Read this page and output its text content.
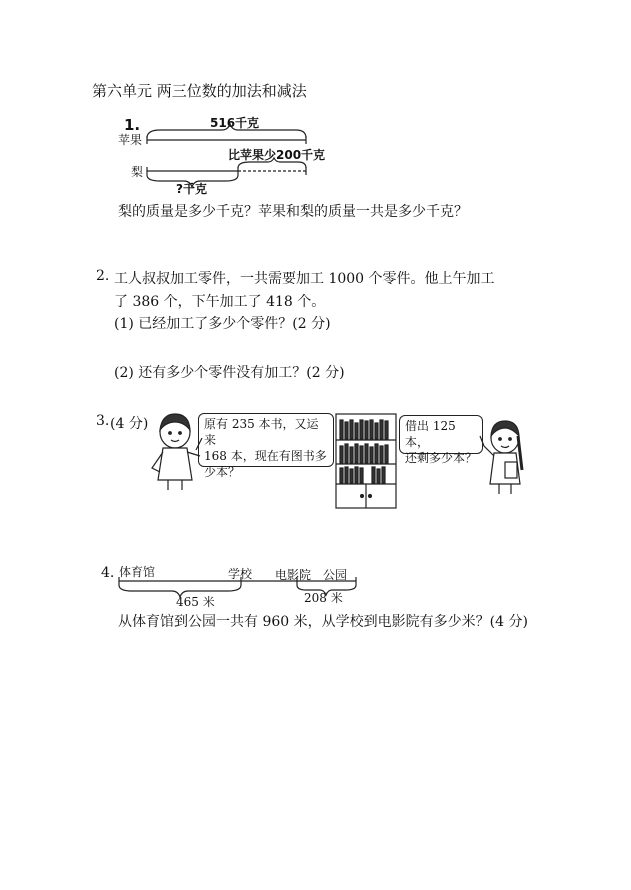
第六单元 两三位数的加法和减法
1.	516千克
苹果
比苹果少200千克
梨
?千克
梨的质量是多少千克？苹果和梨的质量一共是多少千克？
2. 工人叔叔加工零件，一共需要加工 1000 个零件。他上午加工
了 386 个，下午加工了 418 个。
(1) 已经加工了多少个零件？(2 分)
(2) 还有多少个零件没有加工？(2 分)
3. (4 分)	原有 235 本书，又运来
168 本，现在有图书多
少本？
借出 125 本，
还剩多少本？
4. 体育馆	学校 电影院 公园
465 米	208 米
从体育馆到公园一共有 960 米，从学校到电影院有多少米？(4 分)
